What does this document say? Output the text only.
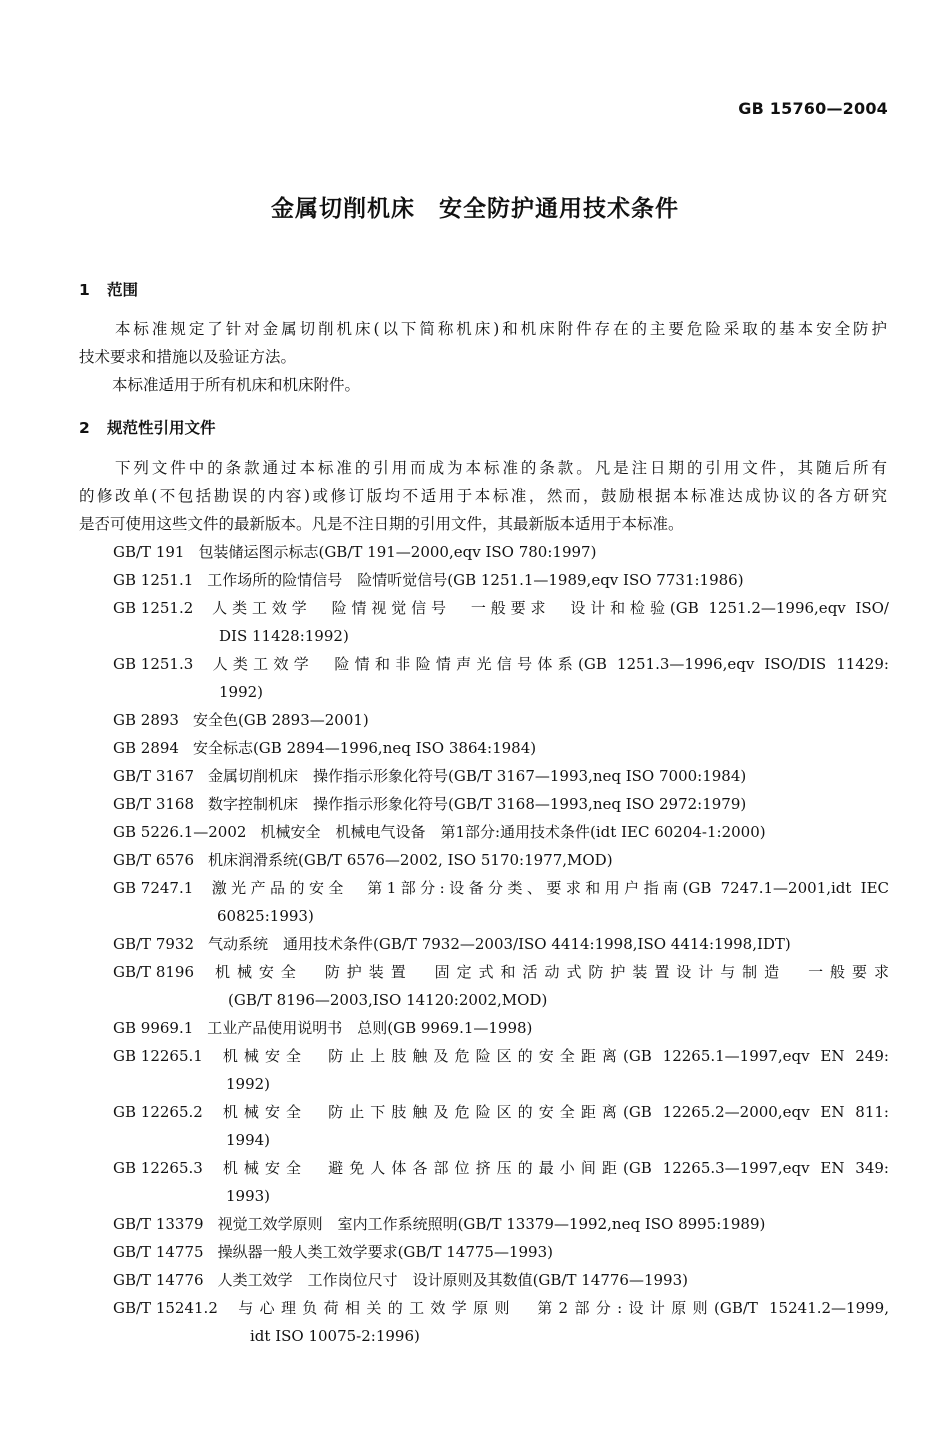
GB 15760—2004
金属切削机床　安全防护通用技术条件
1 范围
本标准规定了针对金属切削机床(以下简称机床)和机床附件存在的主要危险采取的基本安全防护
技术要求和措施以及验证方法。
本标准适用于所有机床和机床附件。
2 规范性引用文件
下列文件中的条款通过本标准的引用而成为本标准的条款。凡是注日期的引用文件，其随后所有
的修改单(不包括勘误的内容)或修订版均不适用于本标准，然而，鼓励根据本标准达成协议的各方研究
是否可使用这些文件的最新版本。凡是不注日期的引用文件，其最新版本适用于本标准。
GB/T 191 包装储运图示标志(GB/T 191—2000,eqv ISO 780:1997)
GB 1251.1 工作场所的险情信号　险情听觉信号(GB 1251.1—1989,eqv ISO 7731:1986)
GB 1251.2 人类工效学　险情视觉信号　一般要求　设计和检验(GB 1251.2—1996,eqv ISO/
DIS 11428:1992)
GB 1251.3 人类工效学　险情和非险情声光信号体系(GB 1251.3—1996,eqv ISO/DIS 11429:
1992)
GB 2893 安全色(GB 2893—2001)
GB 2894 安全标志(GB 2894—1996,neq ISO 3864:1984)
GB/T 3167 金属切削机床　操作指示形象化符号(GB/T 3167—1993,neq ISO 7000:1984)
GB/T 3168 数字控制机床　操作指示形象化符号(GB/T 3168—1993,neq ISO 2972:1979)
GB 5226.1—2002 机械安全　机械电气设备　第1部分:通用技术条件(idt IEC 60204-1:2000)
GB/T 6576 机床润滑系统(GB/T 6576—2002, ISO 5170:1977,MOD)
GB 7247.1 激光产品的安全　第1部分:设备分类、要求和用户指南(GB 7247.1—2001,idt IEC
60825:1993)
GB/T 7932 气动系统　通用技术条件(GB/T 7932—2003/ISO 4414:1998,ISO 4414:1998,IDT)
GB/T 8196 机械安全　防护装置　固定式和活动式防护装置设计与制造　一般要求
(GB/T 8196—2003,ISO 14120:2002,MOD)
GB 9969.1 工业产品使用说明书　总则(GB 9969.1—1998)
GB 12265.1 机械安全　防止上肢触及危险区的安全距离(GB 12265.1—1997,eqv EN 249:
1992)
GB 12265.2 机械安全　防止下肢触及危险区的安全距离(GB 12265.2—2000,eqv EN 811:
1994)
GB 12265.3 机械安全　避免人体各部位挤压的最小间距(GB 12265.3—1997,eqv EN 349:
1993)
GB/T 13379 视觉工效学原则　室内工作系统照明(GB/T 13379—1992,neq ISO 8995:1989)
GB/T 14775 操纵器一般人类工效学要求(GB/T 14775—1993)
GB/T 14776 人类工效学　工作岗位尺寸　设计原则及其数值(GB/T 14776—1993)
GB/T 15241.2 与心理负荷相关的工效学原则　第2部分:设计原则(GB/T 15241.2—1999,
idt ISO 10075-2:1996)
